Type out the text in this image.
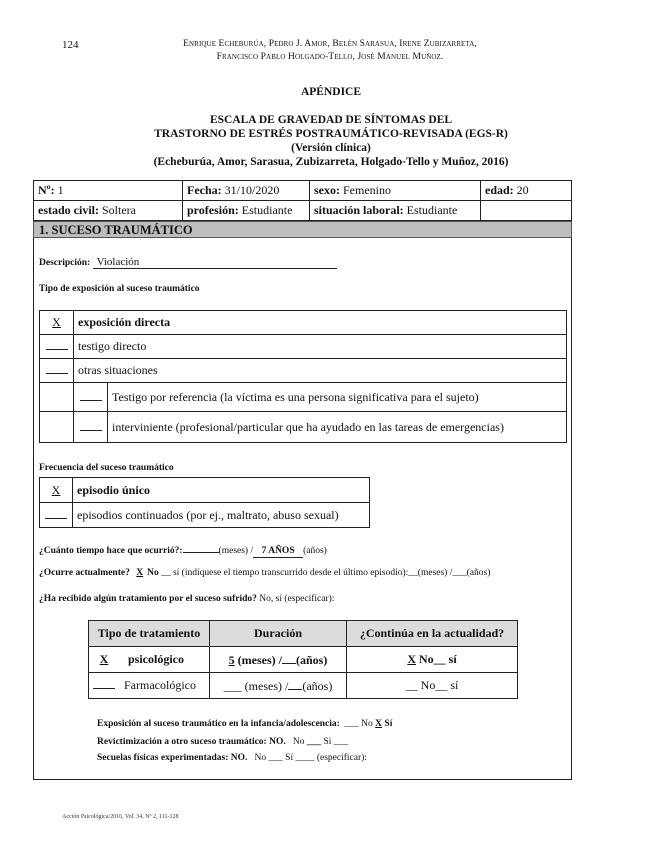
124	Enrique Echeburúa, Pedro J. Amor, Belén Sarasua, Irene Zubizarreta,
Francisco Pablo Holgado-Tello, José Manuel Muñoz.
APÉNDICE
ESCALA DE GRAVEDAD DE SÍNTOMAS DEL
TRASTORNO DE ESTRÉS POSTRAUMÁTICO-REVISADA (EGS-R)
(Versión clínica)
(Echeburúa, Amor, Sarasua, Zubizarreta, Holgado-Tello y Muñoz, 2016)
Nº: 1	Fecha: 31/10/2020	sexo: Femenino	edad: 20
estado civil: Soltera	profesión: Estudiante	situación laboral: Estudiante	
1. SUCESO TRAUMÁTICO
Descripción: Violación
Tipo de exposición al suceso traumático
X	exposición directa	
	testigo directo	
	otras situaciones	
		Testigo por referencia (la víctima es una persona significativa para el sujeto)
		interviniente (profesional/particular que ha ayudado en las tareas de emergencias)
Frecuencia del suceso traumático
X	episodio único
	episodios continuados (por ej., maltrato, abuso sexual)
¿Cuánto tiempo hace que ocurrió?:	(meses) / 7 AÑOS (años)
¿Ocurre actualmente? X No __ sí (indíquese el tiempo transcurrido desde el último episodio):__(meses) /___(años)
¿Ha recibido algún tratamiento por el suceso sufrido? No, sí (especificar):
Tipo de tratamiento	Duración	¿Continúa en la actualidad?
X psicológico	5 (meses) / (años)	X No__ sí
Farmacológico	___ (meses) / (años)	__ No__ sí
Exposición al suceso traumático en la infancia/adolescencia:  ___ No X Sí
Revictimización a otro suceso traumático: NO. No ___ Si ___
Secuelas físicas experimentadas: NO. No ___ Sí ____ (especificar):
Acción Psicológica/2016, Vol. 34, Nº 2, 111-128
